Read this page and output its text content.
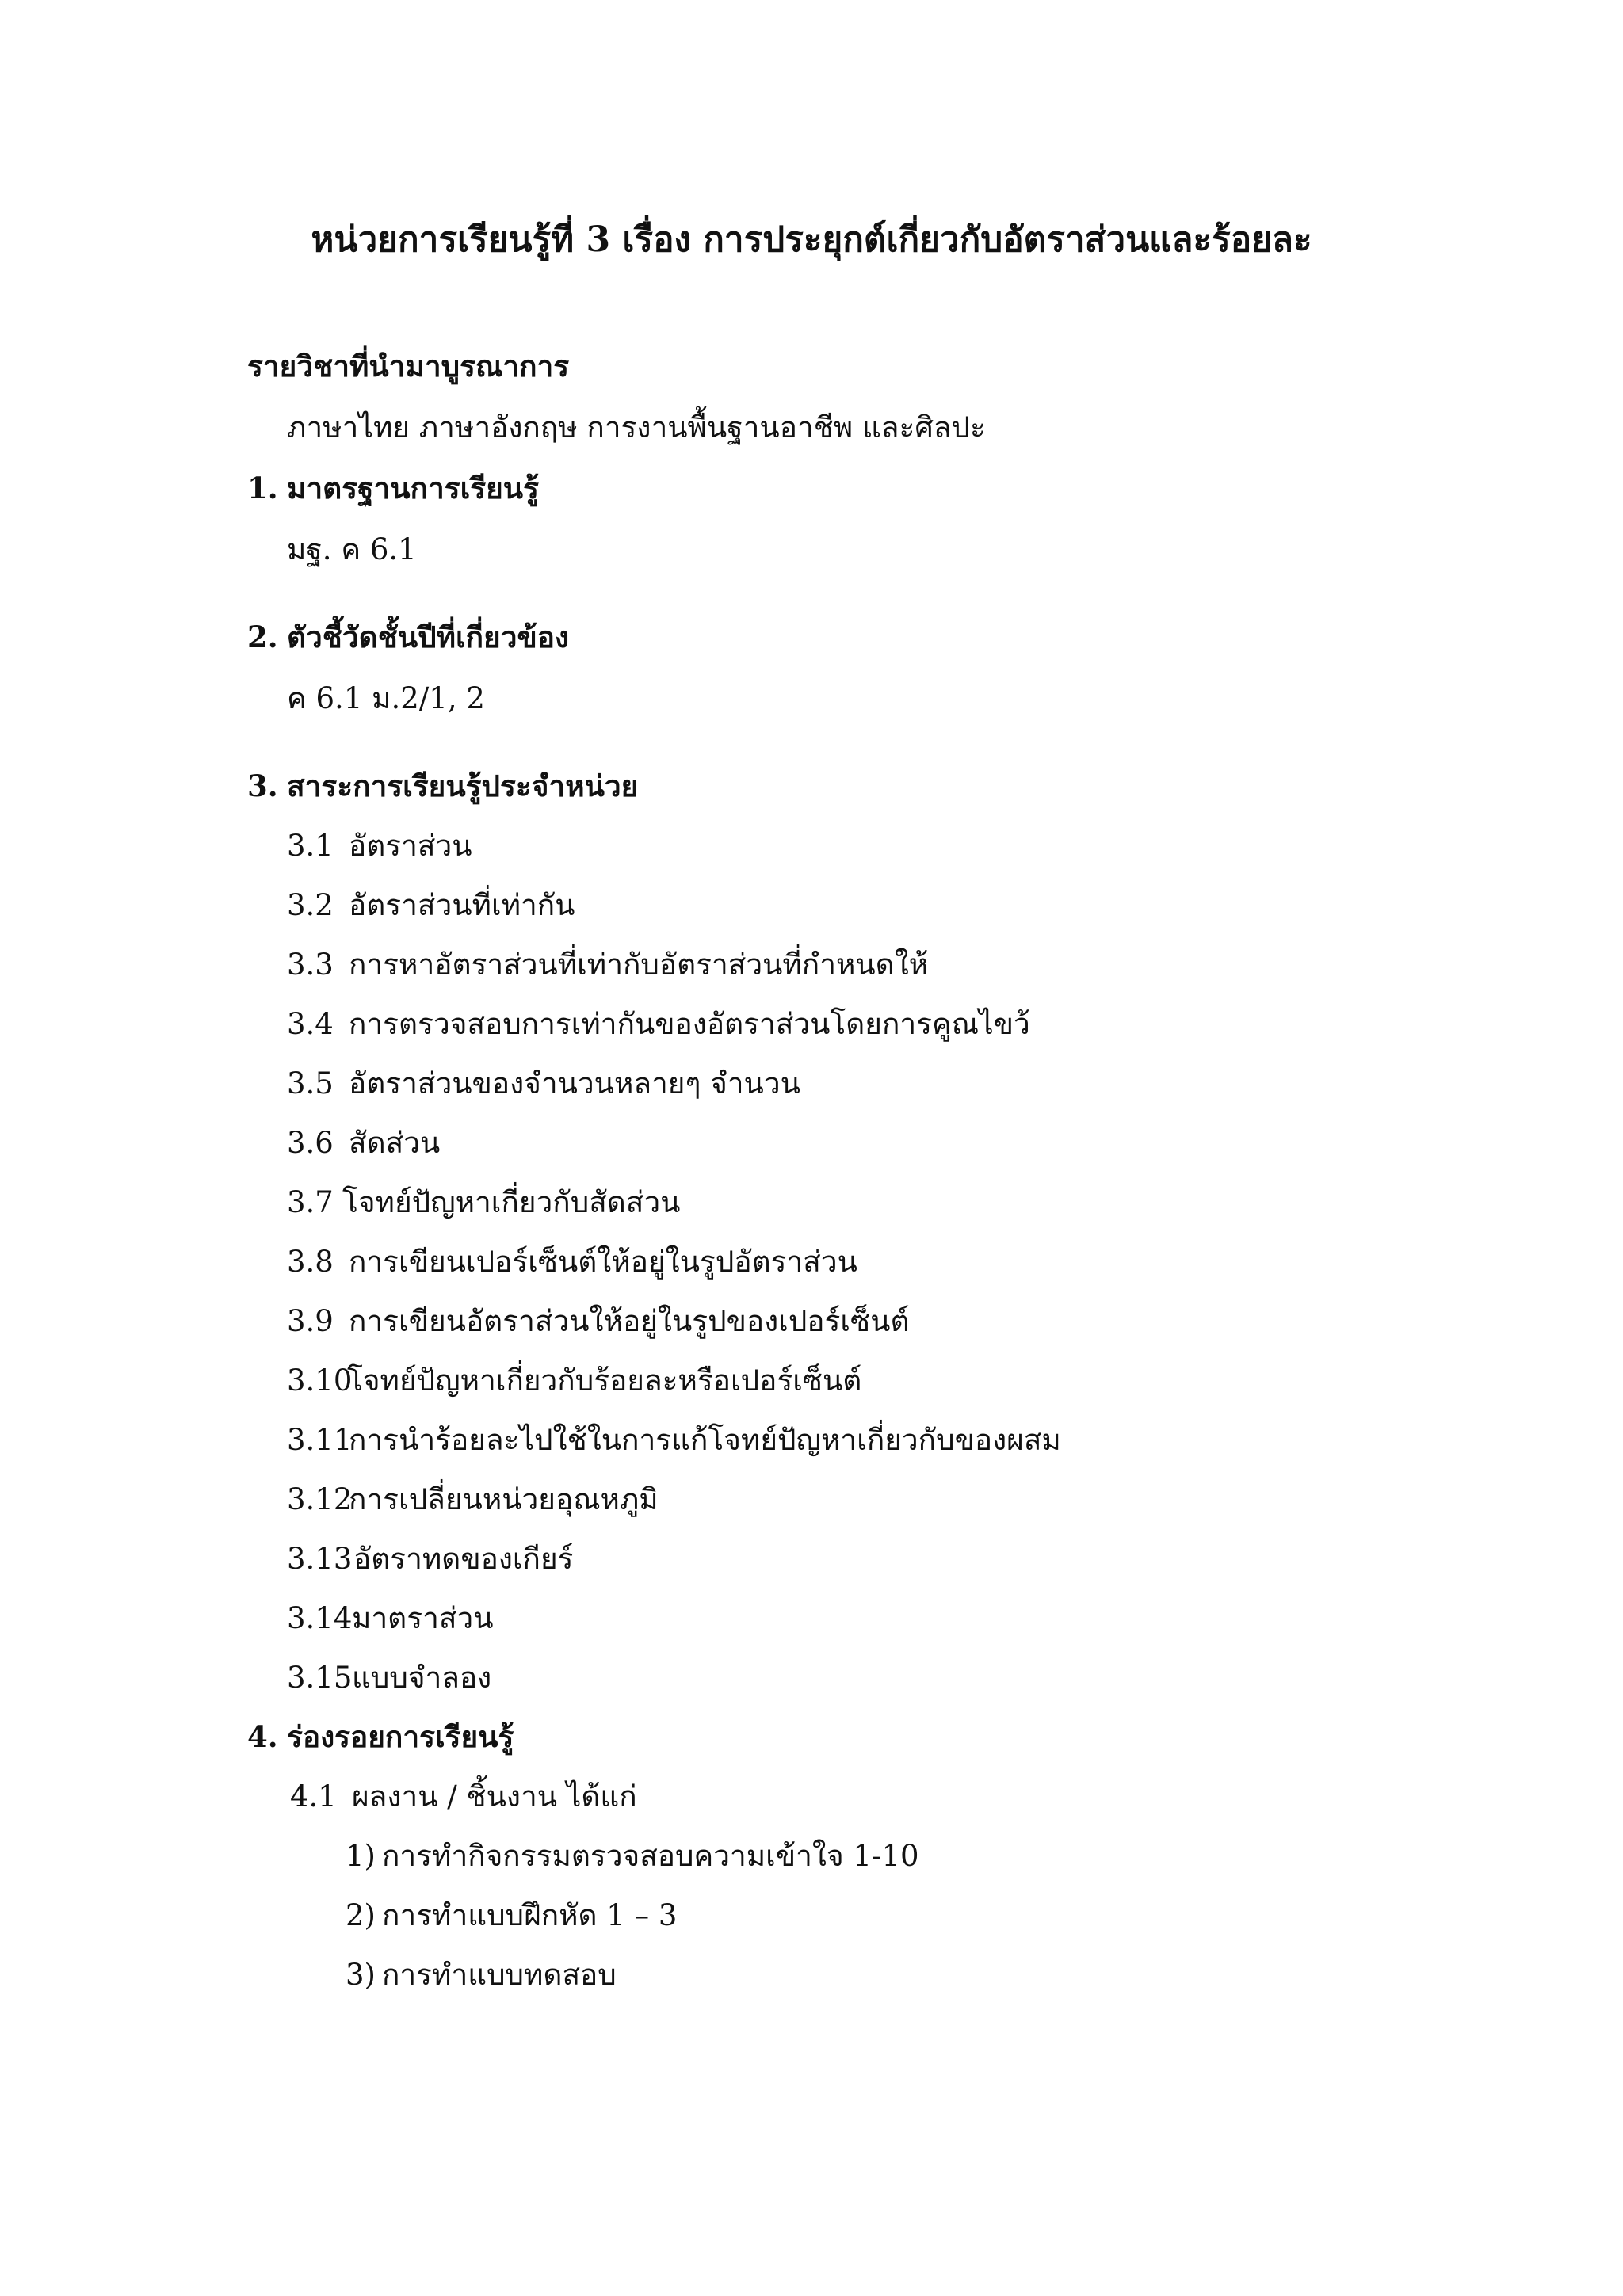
หน่วยการเรียนรู้ที่ 3 เรื่อง การประยุกต์เกี่ยวกับอัตราส่วนและร้อยละ
รายวิชาที่นำมาบูรณาการ
ภาษาไทย ภาษาอังกฤษ การงานพื้นฐานอาชีพ และศิลปะ
1. มาตรฐานการเรียนรู้
มฐ. ค 6.1
2. ตัวชี้วัดชั้นปีที่เกี่ยวข้อง
ค 6.1 ม.2/1, 2
3. สาระการเรียนรู้ประจำหน่วย
3.1 อัตราส่วน
3.2 อัตราส่วนที่เท่ากัน
3.3 การหาอัตราส่วนที่เท่ากับอัตราส่วนที่กำหนดให้
3.4 การตรวจสอบการเท่ากันของอัตราส่วนโดยการคูณไขว้
3.5 อัตราส่วนของจำนวนหลายๆ จำนวน
3.6 สัดส่วน
3.7 โจทย์ปัญหาเกี่ยวกับสัดส่วน
3.8 การเขียนเปอร์เซ็นต์ให้อยู่ในรูปอัตราส่วน
3.9 การเขียนอัตราส่วนให้อยู่ในรูปของเปอร์เซ็นต์
3.10โจทย์ปัญหาเกี่ยวกับร้อยละหรือเปอร์เซ็นต์
3.11การนำร้อยละไปใช้ในการแก้โจทย์ปัญหาเกี่ยวกับของผสม
3.12การเปลี่ยนหน่วยอุณหภูมิ
3.13อัตราทดของเกียร์
3.14มาตราส่วน
3.15แบบจำลอง
4. ร่องรอยการเรียนรู้
4.1 ผลงาน / ชิ้นงาน ได้แก่
1) การทำกิจกรรมตรวจสอบความเข้าใจ 1-10
2) การทำแบบฝึกหัด 1 – 3
3) การทำแบบทดสอบ
